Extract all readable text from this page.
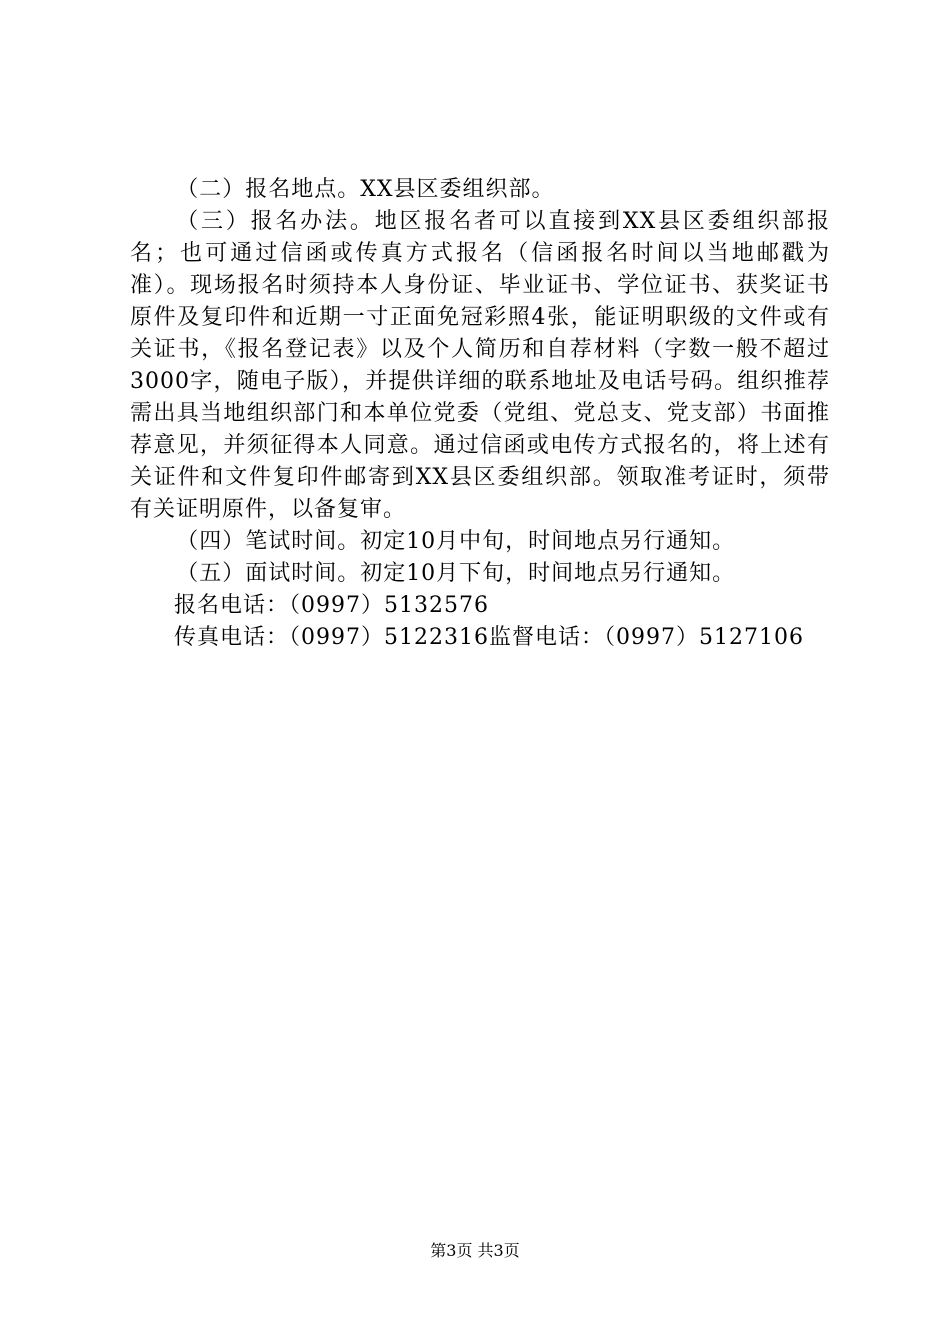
（二）报名地点。XX县区委组织部。

（三）报名办法。地区报名者可以直接到XX县区委组织部报名；也可通过信函或传真方式报名（信函报名时间以当地邮戳为准）。现场报名时须持本人身份证、毕业证书、学位证书、获奖证书原件及复印件和近期一寸正面免冠彩照4张，能证明职级的文件或有关证书，《报名登记表》以及个人简历和自荐材料（字数一般不超过3000字，随电子版），并提供详细的联系地址及电话号码。组织推荐需出具当地组织部门和本单位党委（党组、党总支、党支部）书面推荐意见，并须征得本人同意。通过信函或电传方式报名的，将上述有关证件和文件复印件邮寄到XX县区委组织部。领取准考证时，须带有关证明原件，以备复审。

（四）笔试时间。初定10月中旬，时间地点另行通知。

（五）面试时间。初定10月下旬，时间地点另行通知。

报名电话：（0997）5132576

传真电话：（0997）5122316监督电话：（0997）5127106

第3页 共3页
